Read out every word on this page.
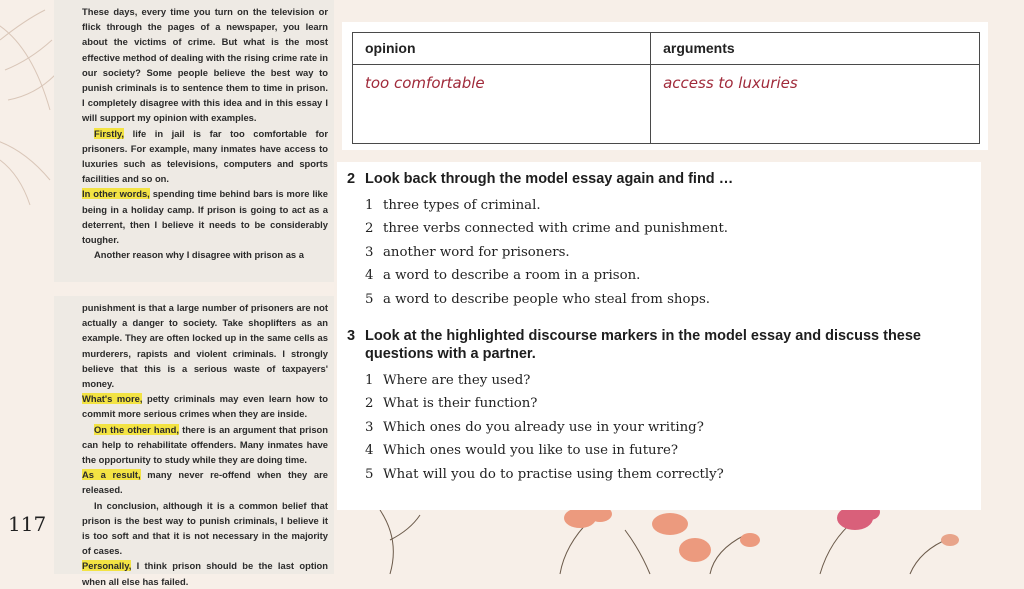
117

These days, every time you turn on the television or flick through the pages of a newspaper, you learn about the victims of crime. But what is the most effective method of dealing with the rising crime rate in our society? Some people believe the best way to punish criminals is to sentence them to time in prison. I completely disagree with this idea and in this essay I will support my opinion with examples.

Firstly, life in jail is far too comfortable for prisoners. For example, many inmates have access to luxuries such as televisions, computers and sports facilities and so on.

In other words, spending time behind bars is more like being in a holiday camp. If prison is going to act as a deterrent, then I believe it needs to be considerably tougher.

Another reason why I disagree with prison as a

punishment is that a large number of prisoners are not actually a danger to society. Take shoplifters as an example. They are often locked up in the same cells as murderers, rapists and violent criminals. I strongly believe that this is a serious waste of taxpayers' money.

What's more, petty criminals may even learn how to commit more serious crimes when they are inside.

On the other hand, there is an argument that prison can help to rehabilitate offenders. Many inmates have the opportunity to study while they are doing time.

As a result, many never re-offend when they are released.

In conclusion, although it is a common belief that prison is the best way to punish criminals, I believe it is too soft and that it is not necessary in the majority of cases.

Personally, I think prison should be the last option when all else has failed.

opinion	arguments
too comfortable	access to luxuries
2 Look back through the model essay again and find …
1 three types of criminal.
2 three verbs connected with crime and punishment.
3 another word for prisoners.
4 a word to describe a room in a prison.
5 a word to describe people who steal from shops.
3 Look at the highlighted discourse markers in the model essay and discuss these questions with a partner.
1 Where are they used?
2 What is their function?
3 Which ones do you already use in your writing?
4 Which ones would you like to use in future?
5 What will you do to practise using them correctly?
